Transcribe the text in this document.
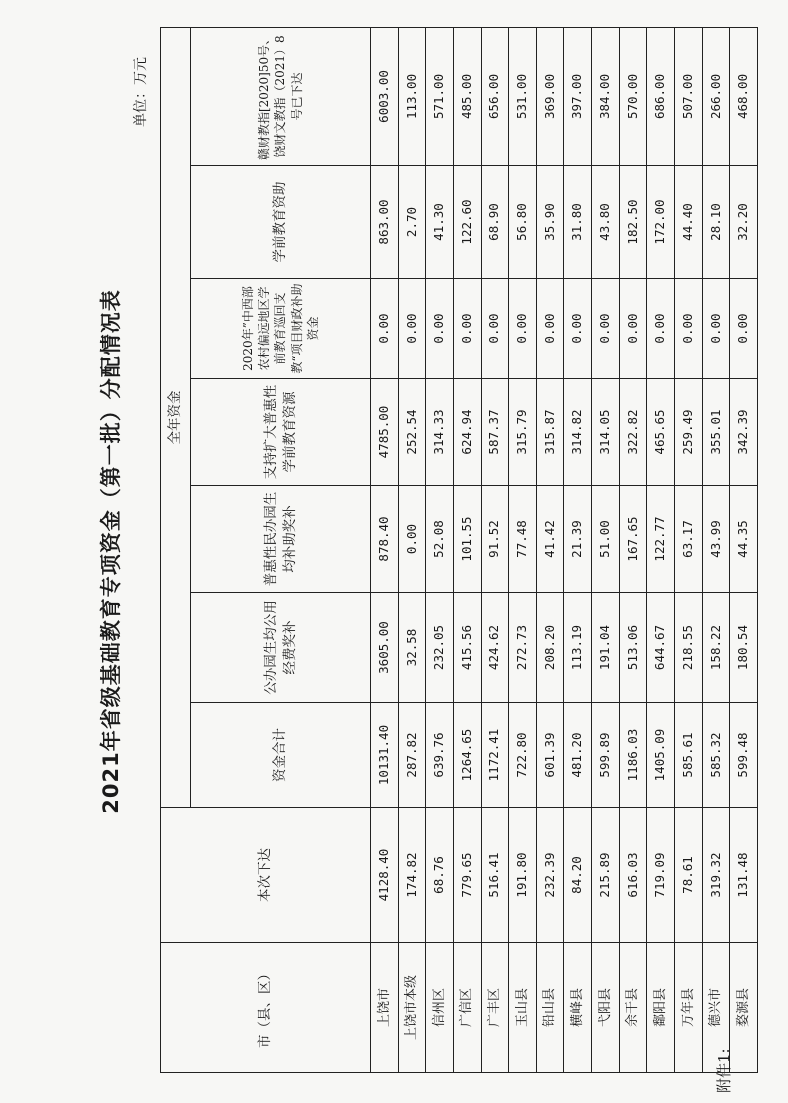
附件1:
2021年省级基础教育专项资金（第一批）分配情况表
单位：万元
市（县、区）	本次下达	全年资金						
		资金合计	公办园生均公用经费奖补	普惠性民办园生均补助奖补	支持扩大普惠性学前教育资源	2020年”中西部农村偏远地区学前教育巡回支教“项目财政补助资金	学前教育资助	赣财教指[2020]50号、饶财文教指（2021）8号已下达
上饶市	4128.40	10131.40	3605.00	878.40	4785.00	0.00	863.00	6003.00
上饶市本级	174.82	287.82	32.58	0.00	252.54	0.00	2.70	113.00
信州区	68.76	639.76	232.05	52.08	314.33	0.00	41.30	571.00
广信区	779.65	1264.65	415.56	101.55	624.94	0.00	122.60	485.00
广丰区	516.41	1172.41	424.62	91.52	587.37	0.00	68.90	656.00
玉山县	191.80	722.80	272.73	77.48	315.79	0.00	56.80	531.00
铅山县	232.39	601.39	208.20	41.42	315.87	0.00	35.90	369.00
横峰县	84.20	481.20	113.19	21.39	314.82	0.00	31.80	397.00
弋阳县	215.89	599.89	191.04	51.00	314.05	0.00	43.80	384.00
余干县	616.03	1186.03	513.06	167.65	322.82	0.00	182.50	570.00
鄱阳县	719.09	1405.09	644.67	122.77	465.65	0.00	172.00	686.00
万年县	78.61	585.61	218.55	63.17	259.49	0.00	44.40	507.00
德兴市	319.32	585.32	158.22	43.99	355.01	0.00	28.10	266.00
婺源县	131.48	599.48	180.54	44.35	342.39	0.00	32.20	468.00
